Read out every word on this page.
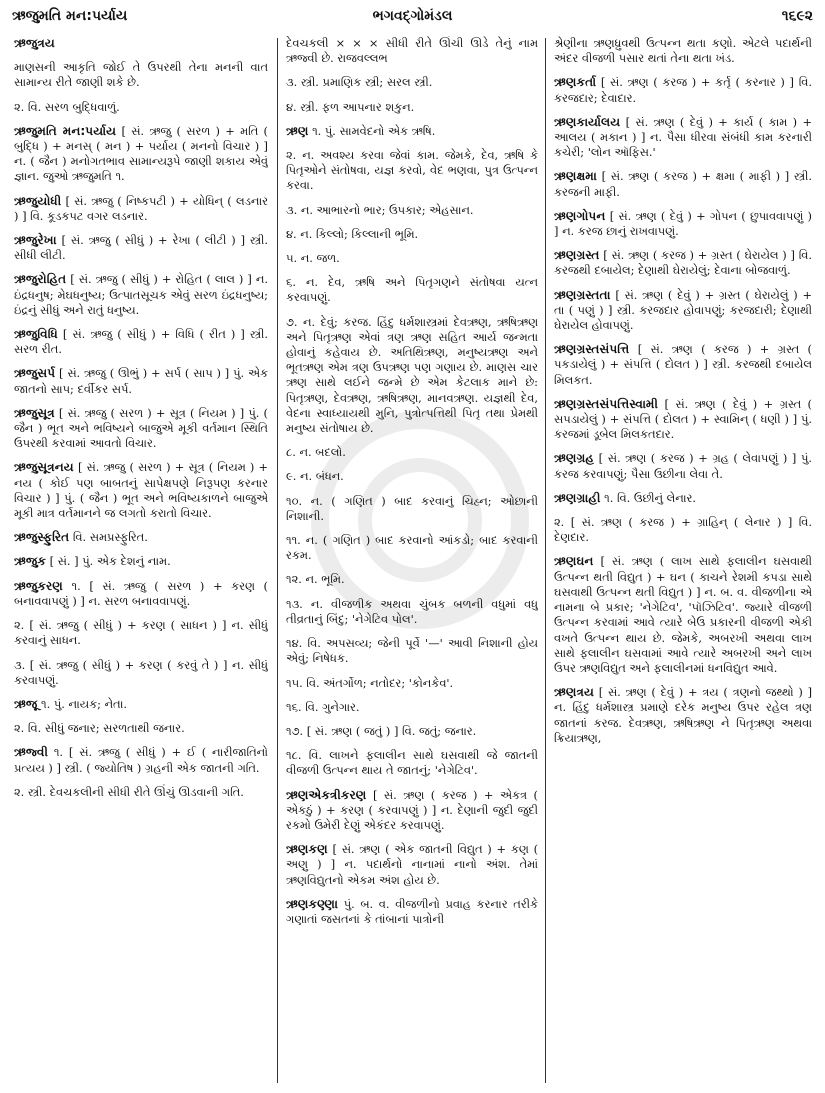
ઋજુમતિ મન:પર્યાય	ભગવદ્ગોમંડલ	૧૬૯૨

ઋજુત્રય

માણસની આકૃતિ જોઈ તે ઉપરથી તેના મનની વાત સામાન્ય રીતે જાણી શકે છે.

૨. વિ. સરળ બુદ્ધિવાળું.

ઋજુમતિ મન:પર્યાય [ સં. ઋજુ ( સરળ ) + મતિ ( બુદ્ધિ ) + મનસ્ ( મન ) + પર્યાય ( મનનો વિચાર ) ] ન. ( જૈન ) મનોગતભાવ સામાન્યરૂપે જાણી શકાય એવું જ્ઞાન. જુઓ ઋજુમતિ ૧.

ઋજુયોધી [ સં. ઋજુ ( નિષ્કપટી ) + યોધિન્ ( લડનાર ) ] વિ. કૂડકપટ વગર લડનાર.

ઋજુરેખા [ સં. ઋજુ ( સીધું ) + રેખા ( લીટી ) ] સ્ત્રી. સીધી લીટી.

ઋજુરોહિત [ સં. ઋજુ ( સીધું ) + રોહિત ( લાલ ) ] ન. ઇંદ્રધનુષ; મેઘધનુષ્ય; ઉત્પાતસૂચક એવું સરળ ઇંદ્રધનુષ્ય; ઇંદ્રનું સીધું અને રાતું ધનુષ્ય.

ઋજુવિધિ [ સં. ઋજુ ( સીધું ) + વિધિ ( રીત ) ] સ્ત્રી. સરળ રીત.

ઋજુસર્પ [ સં. ઋજુ ( ઊભું ) + સર્પ ( સાપ ) ] પું. એક જાતનો સાપ; દર્વીકર સર્પ.

ઋજુસૂત્ર [ સં. ઋજુ ( સરળ ) + સૂત્ર ( નિયમ ) ] પું. ( જૈન ) ભૂત અને ભવિષ્યને બાજુએ મૂકી વર્તમાન સ્થિતિ ઉપરથી કરવામાં આવતો વિચાર.

ઋજુસૂત્રનય [ સં. ઋજુ ( સરળ ) + સૂત્ર ( નિયમ ) + નય ( કોઈ પણ બાબતનું સાપેક્ષપણે નિરૂપણ કરનાર વિચાર ) ] પું. ( જૈન ) ભૂત અને ભવિષ્યકાળને બાજુએ મૂકી માત્ર વર્તમાનને જ લગતો કરાતો વિચાર.

ઋજુસ્ફુરિત વિ. સમપ્રસ્ફુરિત.

ઋજુક [ સં. ] પું. એક દેશનું નામ.

ઋજુકરણ ૧. [ સં. ઋજુ ( સરળ ) + કરણ ( બનાવવાપણું ) ] ન. સરળ બનાવવાપણું.

૨. [ સં. ઋજુ ( સીધું ) + કરણ ( સાધન ) ] ન. સીધું કરવાનું સાધન.

૩. [ સં. ઋજુ ( સીધું ) + કરણ ( કરવું તે ) ] ન. સીધું કરવાપણું.

ઋજૂ ૧. પું. નાયક; નેતા.

૨. વિ. સીધું જનાર; સરળતાથી જનાર.

ઋજ્વી ૧. [ સં. ઋજુ ( સીધું ) + ઈ ( નારીજાતિનો પ્રત્યય ) ] સ્ત્રી. ( જ્યોતિષ ) ગ્રહની એક જાતની ગતિ.

૨. સ્ત્રી. દેવચકલીની સીધી રીતે ઊંચું ઊડવાની ગતિ.

દેવચકલી × × × સીધી રીતે ઊંચી ઊડે તેનું નામ ઋજ્વી છે. રાજવલ્લભ

૩. સ્ત્રી. પ્રમાણિક સ્ત્રી; સરલ સ્ત્રી.

૪. સ્ત્રી. ફળ આપનાર શકુન.

ઋણ ૧. પું. સામવેદનો એક ઋષિ.

૨. ન. અવશ્ય કરવા જેવાં કામ. જેમકે, દેવ, ઋષિ કે પિતૃઓને સંતોષવા, યજ્ઞ કરવો, વેદ ભણવા, પુત્ર ઉત્પન્ન કરવા.

૩. ન. આભારનો ભાર; ઉપકાર; એહસાન.

૪. ન. કિલ્લો; કિલ્લાની ભૂમિ.

૫. ન. જળ.

૬. ન. દેવ, ઋષિ અને પિતૃગણને સંતોષવા યત્ન કરવાપણું.

૭. ન. દેવું; કરજ. હિંદુ ધર્મશાસ્ત્રમાં દેવઋણ, ઋષિઋણ અને પિતૃઋણ એવાં ત્રણ ઋણ સહિત આર્ય જન્મતા હોવાનું કહેવાય છે. અતિથિઋણ, મનુષ્યઋણ અને ભૂતઋણ એમ ત્રણ ઉપઋણ પણ ગણાય છે. માણસ ચાર ઋણ સાથે લઈને જન્મે છે એમ કેટલાક માને છે: પિતૃઋણ, દેવઋણ, ઋષિઋણ, માનવઋણ. યજ્ઞથી દેવ, વેદના સ્વાધ્યાયથી મુનિ, પુત્રોત્પત્તિથી પિતૃ તથા પ્રેમથી મનુષ્ય સંતોષાય છે.

૮. ન. બદલો.

૯. ન. બંધન.

૧૦. ન. ( ગણિત ) બાદ કરવાનું ચિહ્ન; ઓછાની નિશાની.

૧૧. ન. ( ગણિત ) બાદ કરવાનો આંકડો; બાદ કરવાની રકમ.

૧૨. ન. ભૂમિ.

૧૩. ન. વીજળીક અથવા ચુંબક બળની વધુમાં વધુ તીવ્રતાનું બિંદુ; 'નેગેટિવ પોલ'.

૧૪. વિ. અપસવ્ય; જેની પૂર્વે '—' આવી નિશાની હોય એવું; નિષેધક.

૧૫. વિ. અંતર્ગોળ; નતોદર; 'કોનકેવ'.

૧૬. વિ. ગુનેગાર.

૧૭. [ સં. ઋણ ( જતું ) ] વિ. જતું; જનાર.

૧૮. વિ. લાખને ફલાલીન સાથે ઘસવાથી જે જાતની વીજળી ઉત્પન્ન થાય તે જાતનું; 'નેગેટિવ'.

ઋણએકત્રીકરણ [ સં. ઋણ ( કરજ ) + એકત્ર ( એકઠું ) + કરણ ( કરવાપણું ) ] ન. દેણાની જુદી જુદી રકમો ઉમેરી દેણું એકંદર કરવાપણું.

ઋણકણ [ સં. ઋણ ( એક જાતની વિદ્યુત ) + કણ ( અણુ ) ] ન. પદાર્થનો નાનામાં નાનો અંશ. તેમાં ઋણવિદ્યુતનો એકમ અંશ હોય છે.

ઋણકણ્ણા પું. બ. વ. વીજળીનો પ્રવાહ કરનાર તરીકે ગણાતાં જસતનાં કે તાંબાનાં પાત્રોની

શ્રેણીના ઋણધ્રુવથી ઉત્પન્ન થતા કણો. એટલે પદાર્થની અંદર વીજળી પસાર થતાં તેના થતા ખંડ.

ઋણકર્તા [ સં. ઋણ ( કરજ ) + કર્તૃ ( કરનાર ) ] વિ. કરજદાર; દેવાદાર.

ઋણકાર્યાલય [ સં. ઋણ ( દેવું ) + કાર્ય ( કામ ) + આલય ( મકાન ) ] ન. પૈસા ધીરવા સંબંધી કામ કરનારી કચેરી; 'લોન ઑફિસ.'

ઋણક્ષમા [ સં. ઋણ ( કરજ ) + ક્ષમા ( માફી ) ] સ્ત્રી. કરજની માફી.

ઋણગોપન [ સં. ઋણ ( દેવું ) + ગોપન ( છુપાવવાપણું ) ] ન. કરજ છાનું રાખવાપણું.

ઋણગ્રસ્ત [ સં. ઋણ ( કરજ ) + ગ્રસ્ત ( ઘેરાયેલ ) ] વિ. કરજથી દબાયેલ; દેણાથી ઘેરાયેલું; દેવાના બોજવાળું.

ઋણગ્રસ્તતા [ સં. ઋણ ( દેવું ) + ગ્રસ્ત ( ઘેરાયેલું ) + તા ( પણું ) ] સ્ત્રી. કરજદાર હોવાપણું; કરજદારી; દેણાથી ઘેરાયેલ હોવાપણું.

ઋણગ્રસ્તસંપત્તિ [ સં. ઋણ ( કરજ ) + ગ્રસ્ત ( પકડાયેલું ) + સંપત્તિ ( દોલત ) ] સ્ત્રી. કરજથી દબાયેલ મિલકત.

ઋણગ્રસ્તસંપત્તિસ્વામી [ સં. ઋણ ( દેવું ) + ગ્રસ્ત ( સપડાયેલું ) + સંપત્તિ ( દોલત ) + સ્વામિન્ ( ધણી ) ] પું. કરજમાં ડૂબેલ મિલકતદાર.

ઋણગ્રહ [ સં. ઋણ ( કરજ ) + ગ્રહ ( લેવાપણું ) ] પું. કરજ કરવાપણું; પૈસા ઉછીના લેવા તે.

ઋણગ્રાહી ૧. વિ. ઉછીનું લેનાર.

૨. [ સં. ઋણ ( કરજ ) + ગ્રાહિન્ ( લેનાર ) ] વિ. દેણદાર.

ઋણઘન [ સં. ઋણ ( લાખ સાથે ફલાલીન ઘસવાથી ઉત્પન્ન થતી વિદ્યુત ) + ઘન ( કાચને રેશમી કપડા સાથે ઘસવાથી ઉત્પન્ન થતી વિદ્યુત ) ] ન. બ. વ. વીજળીના એ નામના બે પ્રકાર; 'નેગેટિવ', 'પૉઝિટિવ'. જ્યારે વીજળી ઉત્પન્ન કરવામાં આવે ત્યારે બેઉ પ્રકારની વીજળી એકી વખતે ઉત્પન્ન થાય છે. જેમકે, અબરખી અથવા લાખ સાથે ફલાલીન ઘસવામાં આવે ત્યારે અબરખી અને લાખ ઉપર ઋણવિદ્યુત અને ફલાલીનમાં ધનવિદ્યુત આવે.

ઋણત્રય [ સં. ઋણ ( દેવું ) + ત્રય ( ત્રણનો જથ્થો ) ] ન. હિંદુ ધર્મશાસ્ત્ર પ્રમાણે દરેક મનુષ્ય ઉપર રહેલ ત્રણ જાતનાં કરજ. દેવઋણ, ઋષિઋણ ને પિતૃઋણ અથવા ક્રિયાઋણ,
